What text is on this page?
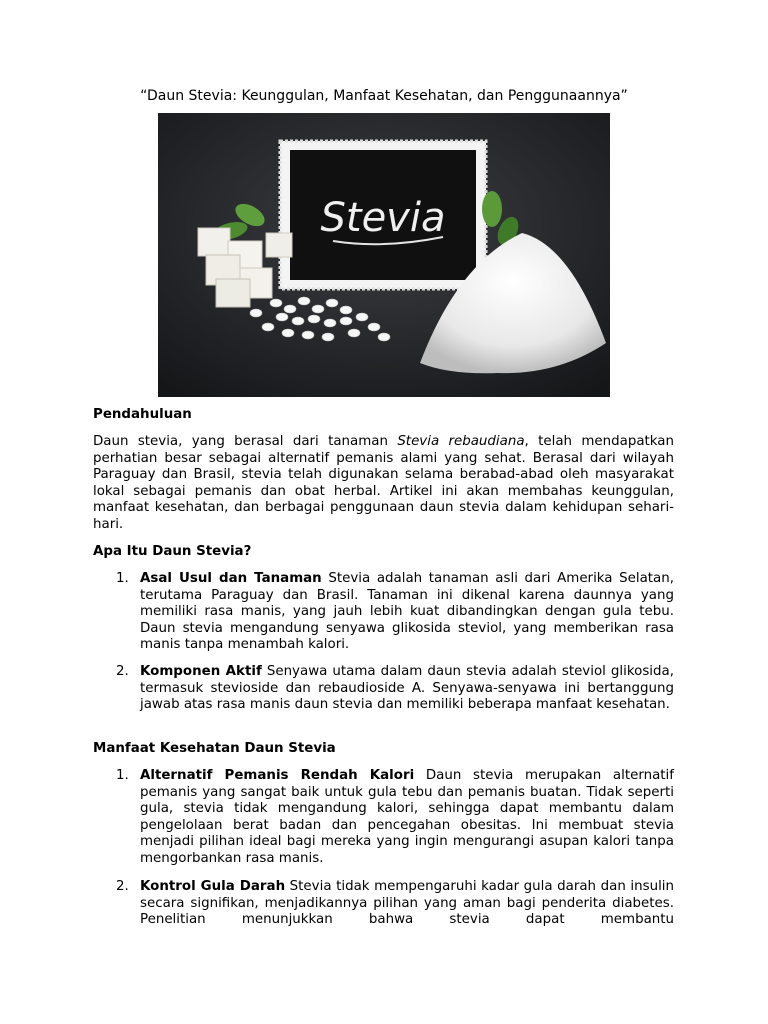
“Daun Stevia: Keunggulan, Manfaat Kesehatan, dan Penggunaannya”
Stevia
Pendahuluan

Daun stevia, yang berasal dari tanaman Stevia rebaudiana, telah mendapatkan perhatian besar sebagai alternatif pemanis alami yang sehat. Berasal dari wilayah Paraguay dan Brasil, stevia telah digunakan selama berabad-abad oleh masyarakat lokal sebagai pemanis dan obat herbal. Artikel ini akan membahas keunggulan, manfaat kesehatan, dan berbagai penggunaan daun stevia dalam kehidupan sehari-hari.

Apa Itu Daun Stevia?
1. Asal Usul dan Tanaman Stevia adalah tanaman asli dari Amerika Selatan, terutama Paraguay dan Brasil. Tanaman ini dikenal karena daunnya yang memiliki rasa manis, yang jauh lebih kuat dibandingkan dengan gula tebu. Daun stevia mengandung senyawa glikosida steviol, yang memberikan rasa manis tanpa menambah kalori.
2. Komponen Aktif Senyawa utama dalam daun stevia adalah steviol glikosida, termasuk stevioside dan rebaudioside A. Senyawa-senyawa ini bertanggung jawab atas rasa manis daun stevia dan memiliki beberapa manfaat kesehatan.
Manfaat Kesehatan Daun Stevia
1. Alternatif Pemanis Rendah Kalori Daun stevia merupakan alternatif pemanis yang sangat baik untuk gula tebu dan pemanis buatan. Tidak seperti gula, stevia tidak mengandung kalori, sehingga dapat membantu dalam pengelolaan berat badan dan pencegahan obesitas. Ini membuat stevia menjadi pilihan ideal bagi mereka yang ingin mengurangi asupan kalori tanpa mengorbankan rasa manis.
2. Kontrol Gula Darah Stevia tidak mempengaruhi kadar gula darah dan insulin secara signifikan, menjadikannya pilihan yang aman bagi penderita diabetes. Penelitian menunjukkan bahwa stevia dapat membantu
